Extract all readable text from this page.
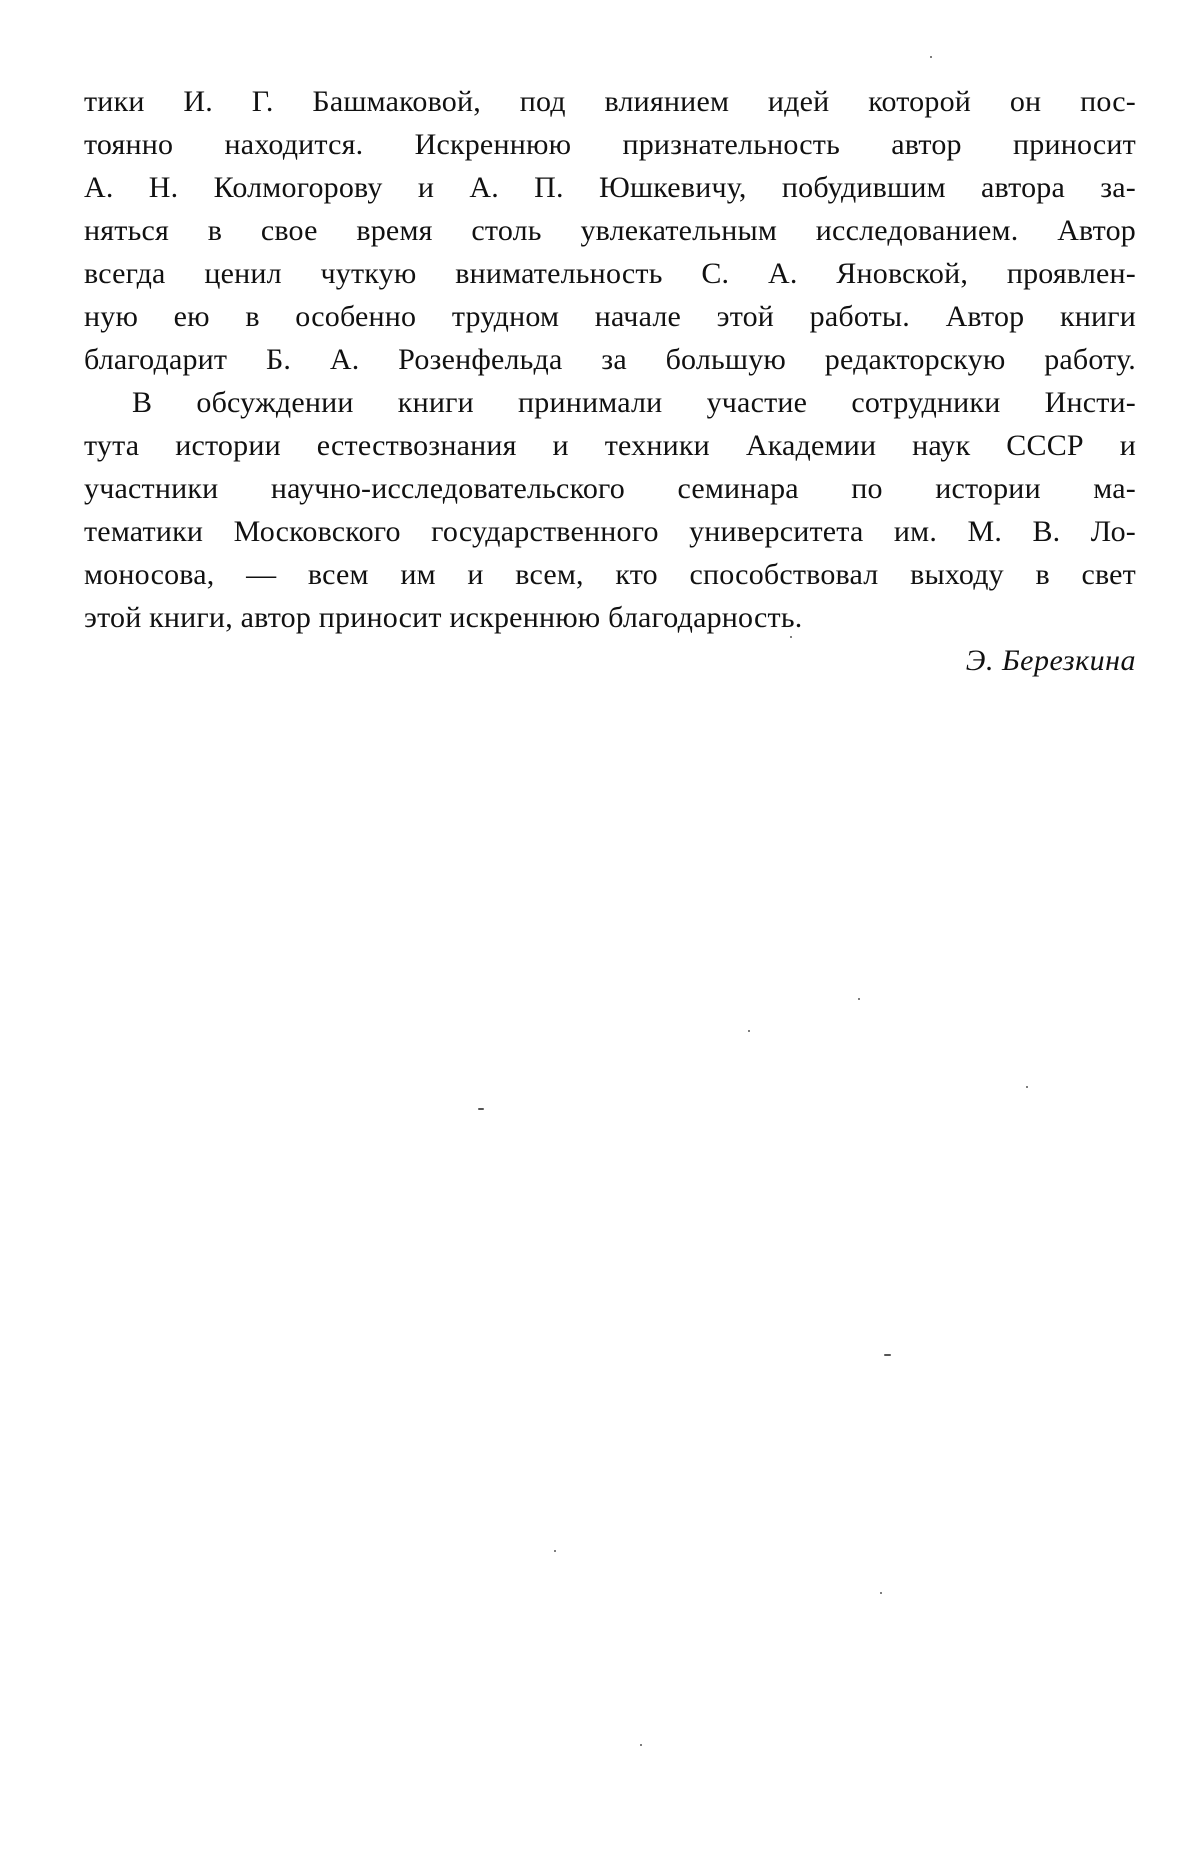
тики И. Г. Башмаковой, под влиянием идей которой он пос-
тоянно находится. Искреннюю признательность автор приносит
А. Н. Колмогорову и А. П. Юшкевичу, побудившим автора за-
няться в свое время столь увлекательным исследованием. Автор
всегда ценил чуткую внимательность С. А. Яновской, проявлен-
ную ею в особенно трудном начале этой работы. Автор книги
благодарит Б. А. Розенфельда за большую редакторскую работу.
В обсуждении книги принимали участие сотрудники Инсти-
тута истории естествознания и техники Академии наук СССР и
участники научно-исследовательского семинара по истории ма-
тематики Московского государственного университета им. М. В. Ло-
моносова, — всем им и всем, кто способствовал выходу в свет
этой книги, автор приносит искреннюю благодарность.
Э. Березкина
